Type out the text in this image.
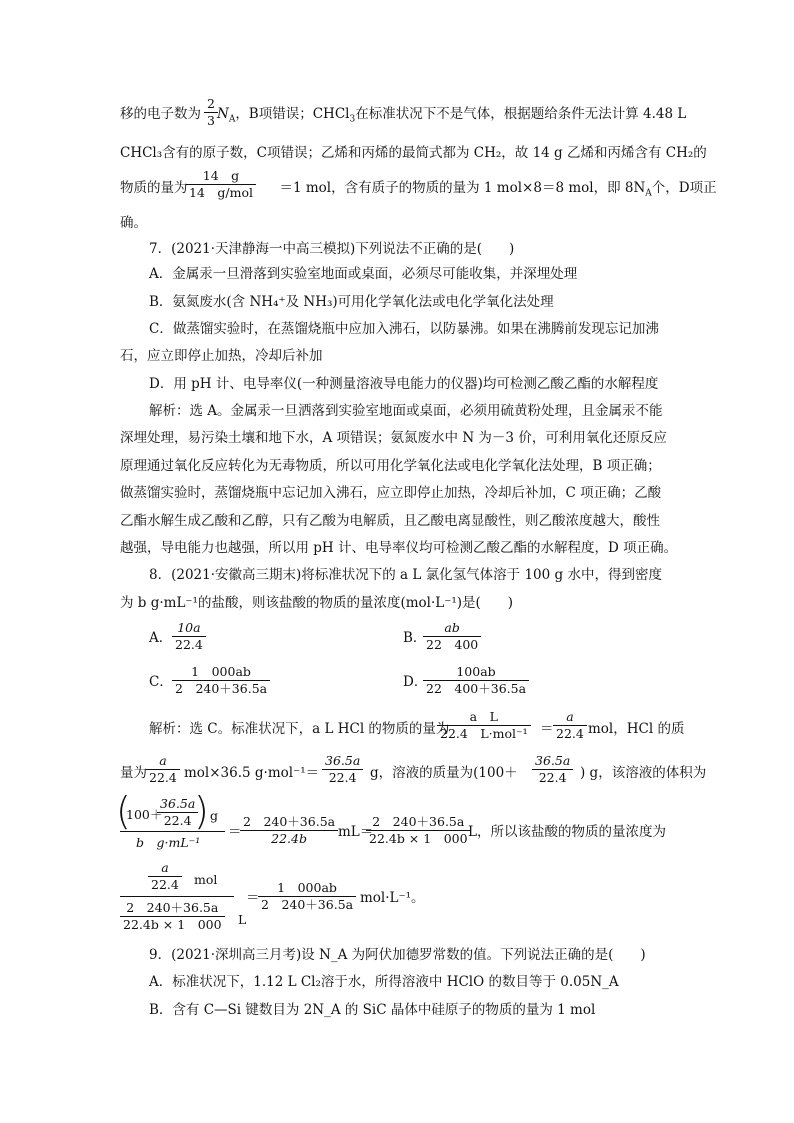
移的电子数为 $N_A$，B项错误；CHCl$_3$在标准状况下不是气体，根据题给条件无法计算 4.48 L
$\frac{2}{3}$
CHCl₃含有的原子数，C项错误；乙烯和丙烯的最简式都为 CH₂，故 14 g 乙烯和丙烯含有 CH₂的
物质的量为	＝1 mol，含有质子的物质的量为 1 mol×8＝8 mol，即 $8N_A$个，D项正
14　g
14　g/mol
确。
7．(2021·天津静海一中高三模拟)下列说法不正确的是(　　)
A．金属汞一旦滑落到实验室地面或桌面，必须尽可能收集，并深埋处理
B．氨氮废水(含 NH₄⁺及 NH₃)可用化学氧化法或电化学氧化法处理
C．做蒸馏实验时，在蒸馏烧瓶中应加入沸石，以防暴沸。如果在沸腾前发现忘记加沸
石，应立即停止加热，冷却后补加
D．用 pH 计、电导率仪(一种测量溶液导电能力的仪器)均可检测乙酸乙酯的水解程度
解析：选 A。金属汞一旦洒落到实验室地面或桌面，必须用硫黄粉处理，且金属汞不能
深埋处理，易污染土壤和地下水，A 项错误；氨氮废水中 N 为－3 价，可利用氧化还原反应
原理通过氧化反应转化为无毒物质，所以可用化学氧化法或电化学氧化法处理，B 项正确；
做蒸馏实验时，蒸馏烧瓶中忘记加入沸石，应立即停止加热，冷却后补加，C 项正确；乙酸
乙酯水解生成乙酸和乙醇，只有乙酸为电解质，且乙酸电离显酸性，则乙酸浓度越大，酸性
越强，导电能力也越强，所以用 pH 计、电导率仪均可检测乙酸乙酯的水解程度，D 项正确。
8．(2021·安徽高三期末)将标准状况下的 a L 氯化氢气体溶于 100 g 水中，得到密度
为 b g·mL⁻¹的盐酸，则该盐酸的物质的量浓度(mol·L⁻¹)是(　　)
A． $\frac{10a}{22.4}$	B．
$\frac{ab}{22 400}$
C． $\frac{1 000ab}{2 240+36.5a}$	D．
$\frac{100ab}{22 400+36.5a}$
解析：选 C。标准状况下，a L HCl 的物质的量为
a　L
22.4　$L\cdot mol^{-1} = \frac{a}{22.4}$ mol，HCl 的质
量为 $\frac{a}{22.4} mol\times 36.5$ $g\cdot mol^{-1}= \frac{36.5a}{22.4}$ g，溶液的质量为($100+ \frac{36.5a}{22.4}$ ) g，该溶液的体积为
(
100＋
$\frac{36.5a}{22.4}$
) g
b　g·mL⁻¹
＝
$\frac{2 240+36.5a}{22.4b} mL=$
$\frac{2 240+36.5a}{22.4b \times 1 000}$
L，所以该盐酸的物质的量浓度为
$\frac{a}{22.4}$ mol
$\frac{2 240+36.5a}{22.4b \times 1 000}$ L
＝
$\frac{1 000ab}{2 240+36.5a} mol\cdot L^{-1}$。
9．(2021·深圳高三月考)设 N_A 为阿伏加德罗常数的值。下列说法正确的是(　　)
A．标准状况下，1.12 L Cl₂溶于水，所得溶液中 HClO 的数目等于 0.05N_A
B．含有 C—Si 键数目为 2N_A 的 SiC 晶体中硅原子的物质的量为 1 mol
